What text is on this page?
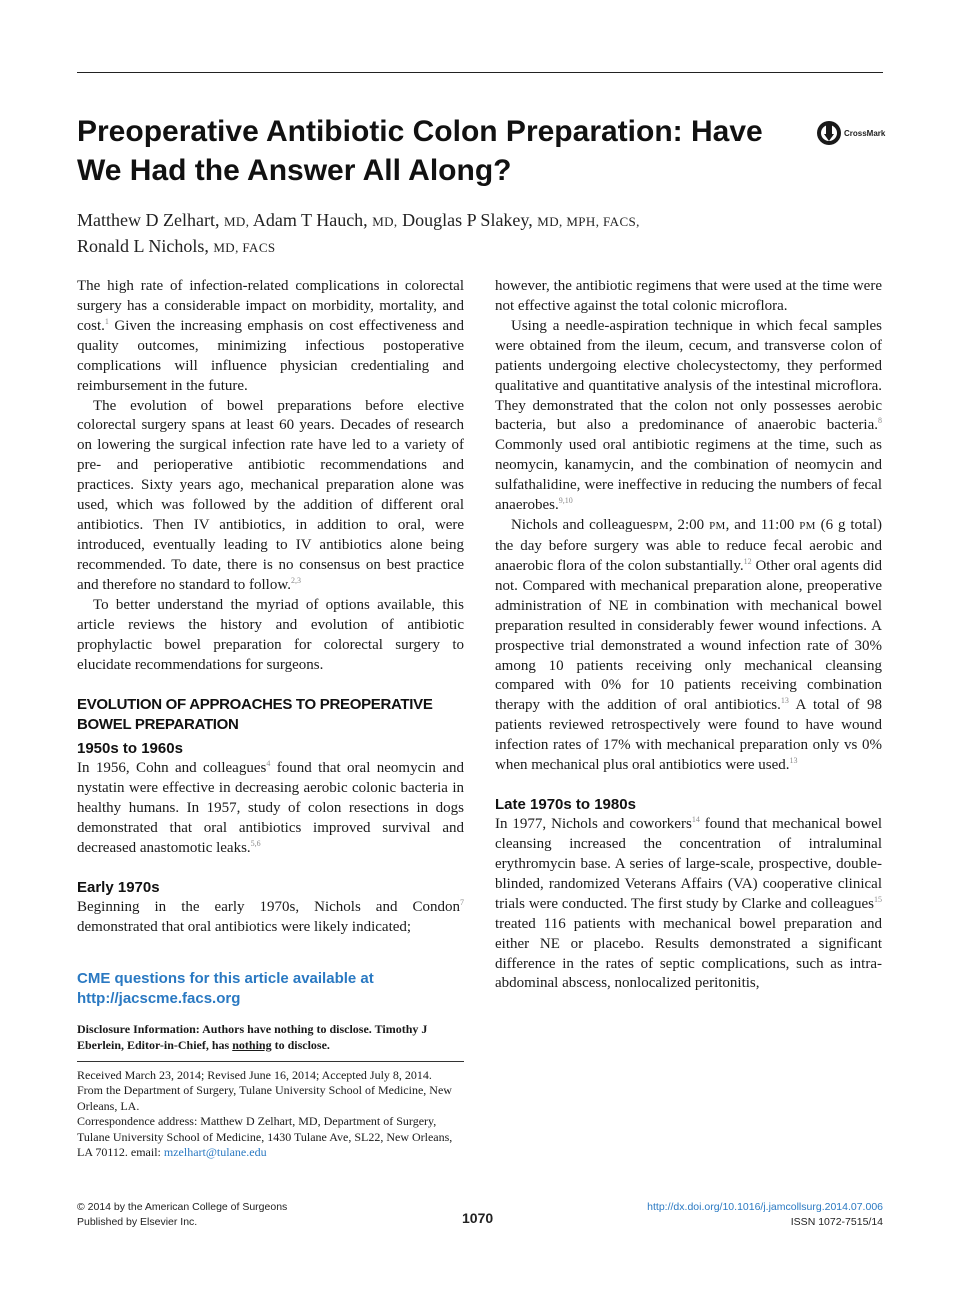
Preoperative Antibiotic Colon Preparation: Have We Had the Answer All Along?
CrossMark
Matthew D Zelhart, MD, Adam T Hauch, MD, Douglas P Slakey, MD, MPH, FACS,
Ronald L Nichols, MD, FACS

The high rate of infection-related complications in colorectal surgery has a considerable impact on morbidity, mortality, and cost.$^1$ Given the increasing emphasis on cost effectiveness and quality outcomes, minimizing infectious postoperative complications will influence physician credentialing and reimbursement in the future.

The evolution of bowel preparations before elective colorectal surgery spans at least 60 years. Decades of research on lowering the surgical infection rate have led to a variety of pre- and perioperative antibiotic recommendations and practices. Sixty years ago, mechanical preparation alone was used, which was followed by the addition of different oral antibiotics. Then IV antibiotics, in addition to oral, were introduced, eventually leading to IV antibiotics alone being recommended. To date, there is no consensus on best practice and therefore no standard to follow.$^{2,3}$

To better understand the myriad of options available, this article reviews the history and evolution of antibiotic prophylactic bowel preparation for colorectal surgery to elucidate recommendations for surgeons.

EVOLUTION OF APPROACHES TO PREOPERATIVE BOWEL PREPARATION
1950s to 1960s

In 1956, Cohn and colleagues$^4$ found that oral neomycin and nystatin were effective in decreasing aerobic colonic bacteria in healthy humans. In 1957, study of colon resections in dogs demonstrated that oral antibiotics improved survival and decreased anastomotic leaks.$^{5,6}$

Early 1970s

Beginning in the early 1970s, Nichols and Condon$^7$ demonstrated that oral antibiotics were likely indicated;

CME questions for this article available at
http://jacscme.facs.org
Disclosure Information: Authors have nothing to disclose. Timothy J Eberlein, Editor-in-Chief, has nothing to disclose.
Received March 23, 2014; Revised June 16, 2014; Accepted July 8, 2014.
From the Department of Surgery, Tulane University School of Medicine, New Orleans, LA.
Correspondence address: Matthew D Zelhart, MD, Department of Surgery, Tulane University School of Medicine, 1430 Tulane Ave, SL22, New Orleans, LA 70112. email: mzelhart@tulane.edu

however, the antibiotic regimens that were used at the time were not effective against the total colonic microflora.

Using a needle-aspiration technique in which fecal samples were obtained from the ileum, cecum, and transverse colon of patients undergoing elective cholecystectomy, they performed qualitative and quantitative analysis of the intestinal microflora. They demonstrated that the colon not only possesses aerobic bacteria, but also a predominance of anaerobic bacteria.$^8$ Commonly used oral antibiotic regimens at the time, such as neomycin, kanamycin, and the combination of neomycin and sulfathalidine, were ineffective in reducing the numbers of fecal anaerobes.$^{9,10}$

Nichols and colleaguesPM, 2:00 PM, and 11:00 PM (6 g total) the day before surgery was able to reduce fecal aerobic and anaerobic flora of the colon substantially.$^{12}$ Other oral agents did not. Compared with mechanical preparation alone, preoperative administration of NE in combination with mechanical bowel preparation resulted in considerably fewer wound infections. A prospective trial demonstrated a wound infection rate of 30% among 10 patients receiving only mechanical cleansing compared with 0% for 10 patients receiving combination therapy with the addition of oral antibiotics.$^{13}$ A total of 98 patients reviewed retrospectively were found to have wound infection rates of 17% with mechanical preparation only vs 0% when mechanical plus oral antibiotics were used.$^{13}$

Late 1970s to 1980s

In 1977, Nichols and coworkers$^{14}$ found that mechanical bowel cleansing increased the concentration of intraluminal erythromycin base. A series of large-scale, prospective, double-blinded, randomized Veterans Affairs (VA) cooperative clinical trials were conducted. The first study by Clarke and colleagues$^{15}$ treated 116 patients with mechanical bowel preparation and either NE or placebo. Results demonstrated a significant difference in the rates of septic complications, such as intra-abdominal abscess, nonlocalized peritonitis,

© 2014 by the American College of Surgeons
Published by Elsevier Inc.	1070
http://dx.doi.org/10.1016/j.jamcollsurg.2014.07.006
ISSN 1072-7515/14
